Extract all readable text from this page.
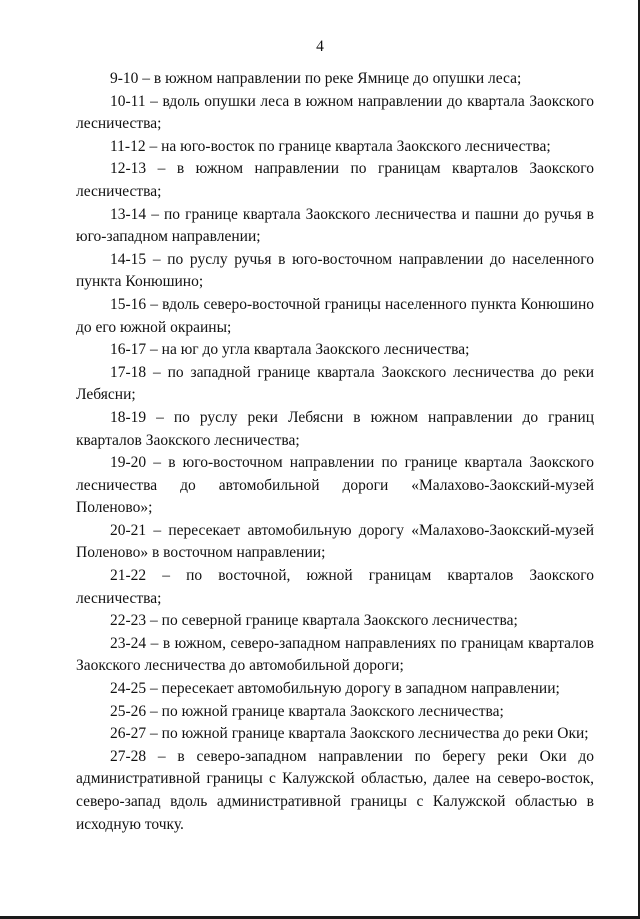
4

9-10 – в южном направлении по реке Ямнице до опушки леса;

10-11 – вдоль опушки леса в южном направлении до квартала Заокского лесничества;

11-12 – на юго-восток по границе квартала Заокского лесничества;

12-13 – в южном направлении по границам кварталов Заокского лесничества;

13-14 – по границе квартала Заокского лесничества и пашни до ручья в юго-западном направлении;

14-15 – по руслу ручья в юго-восточном направлении до населенного пункта Конюшино;

15-16 – вдоль северо-восточной границы населенного пункта Конюшино до его южной окраины;

16-17 – на юг до угла квартала Заокского лесничества;

17-18 – по западной границе квартала Заокского лесничества до реки Лебясни;

18-19 – по руслу реки Лебясни в южном направлении до границ кварталов Заокского лесничества;

19-20 – в юго-восточном направлении по границе квартала Заокского лесничества до автомобильной дороги «Малахово-Заокский-музей Поленово»;

20-21 – пересекает автомобильную дорогу «Малахово-Заокский-музей Поленово» в восточном направлении;

21-22 – по восточной, южной границам кварталов Заокского лесничества;

22-23 – по северной границе квартала Заокского лесничества;

23-24 – в южном, северо-западном направлениях по границам кварталов Заокского лесничества до автомобильной дороги;

24-25 – пересекает автомобильную дорогу в западном направлении;

25-26 – по южной границе квартала Заокского лесничества;

26-27 – по южной границе квартала Заокского лесничества до реки Оки;

27-28 – в северо-западном направлении по берегу реки Оки до административной границы с Калужской областью, далее на северо-восток, северо-запад вдоль административной границы с Калужской областью в исходную точку.
